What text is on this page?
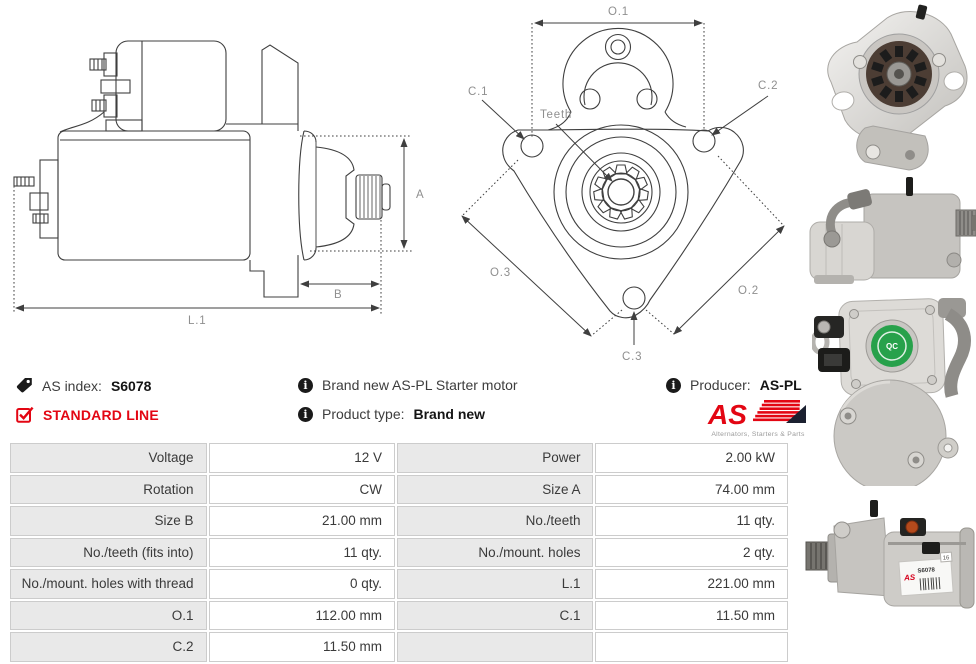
A
B
L.1
O.1
C.1	C.2
Teeth
O.3
O.2
C.3
QC
AS
S6078
16
AS index: S6078
STANDARD LINE
i	Brand new AS-PL Starter motor
i	Product type: Brand new
i	Producer: AS-PL
AS
Alternators, Starters & Parts
Voltage	12 V	Power	2.00 kW
Rotation	CW	Size A	74.00 mm
Size B	21.00 mm	No./teeth	11 qty.
No./teeth (fits into)	11 qty.	No./mount. holes	2 qty.
No./mount. holes with thread	0 qty.	L.1	221.00 mm
O.1	112.00 mm	C.1	11.50 mm
C.2	11.50 mm		
